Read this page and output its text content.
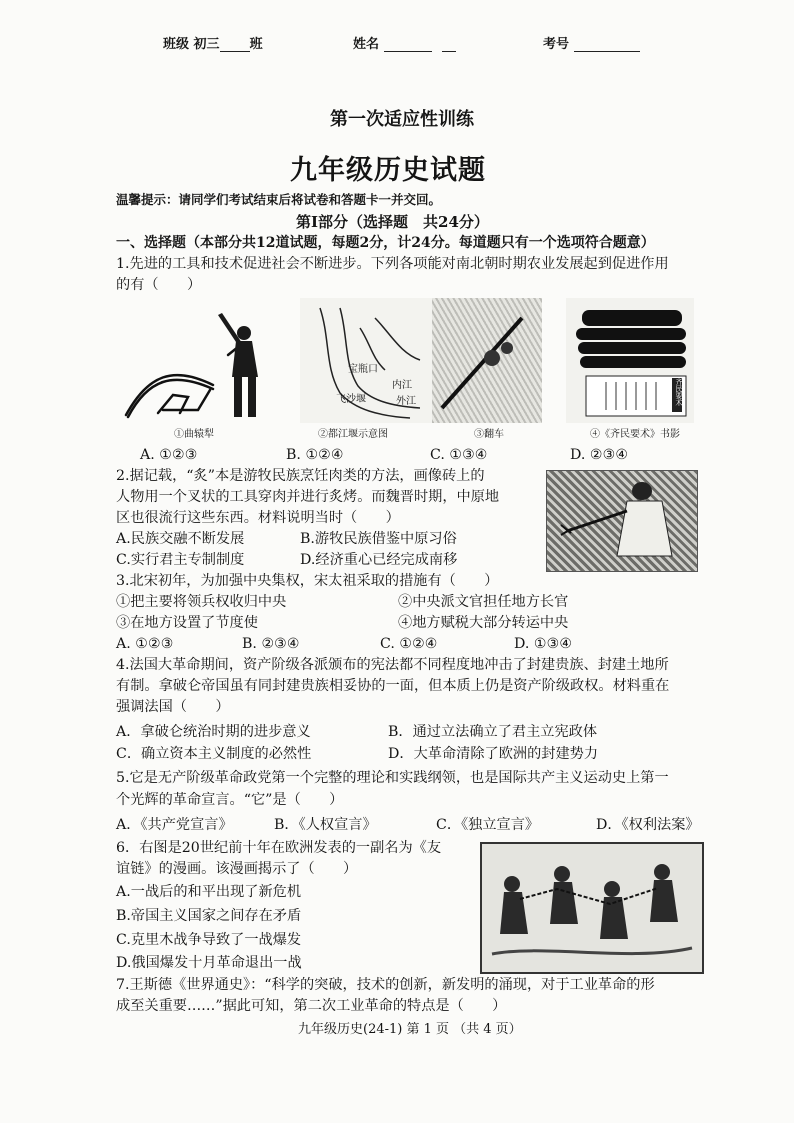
班级 初三 班	姓名	考号
第一次适应性训练
九年级历史试题
温馨提示：请同学们考试结束后将试卷和答题卡一并交回。
第Ⅰ部分（选择题　共24分）
一、选择题（本部分共12道试题，每题2分，计24分。每道题只有一个选项符合题意）
1.先进的工具和技术促进社会不断进步。下列各项能对南北朝时期农业发展起到促进作用
的有（　　）
①曲辕犁
宝瓶口
飞沙堰
内江
外江
②都江堰示意图	③翻车
齐民要术
④《齐民要术》书影
A. ①②③	B. ①②④	C. ①③④	D. ②③④
2.据记载，“炙”本是游牧民族烹饪肉类的方法，画像砖上的
人物用一个叉状的工具穿肉并进行炙烤。而魏晋时期，中原地
区也很流行这些东西。材料说明当时（　　）
A.民族交融不断发展	B.游牧民族借鉴中原习俗
C.实行君主专制制度	D.经济重心已经完成南移
3.北宋初年，为加强中央集权，宋太祖采取的措施有（　　）
①把主要将领兵权收归中央	②中央派文官担任地方长官
③在地方设置了节度使	④地方赋税大部分转运中央
A. ①②③	B. ②③④	C. ①②④	D. ①③④
4.法国大革命期间，资产阶级各派颁布的宪法都不同程度地冲击了封建贵族、封建土地所
有制。拿破仑帝国虽有同封建贵族相妥协的一面，但本质上仍是资产阶级政权。材料重在
强调法国（　　）
A．拿破仑统治时期的进步意义	B．通过立法确立了君主立宪政体
C．确立资本主义制度的必然性	D．大革命清除了欧洲的封建势力
5.它是无产阶级革命政党第一个完整的理论和实践纲领，也是国际共产主义运动史上第一
个光辉的革命宣言。“它”是（　　）
A．《共产党宣言》	B．《人权宣言》	C．《独立宣言》	D．《权利法案》
6．右图是20世纪前十年在欧洲发表的一副名为《友
谊链》的漫画。该漫画揭示了（　　）
A.一战后的和平出现了新危机
B.帝国主义国家之间存在矛盾
C.克里木战争导致了一战爆发
D.俄国爆发十月革命退出一战
7.王斯德《世界通史》：“科学的突破，技术的创新，新发明的涌现，对于工业革命的形
成至关重要……”据此可知，第二次工业革命的特点是（　　）
九年级历史(24-1) 第 1 页 （共 4 页）
